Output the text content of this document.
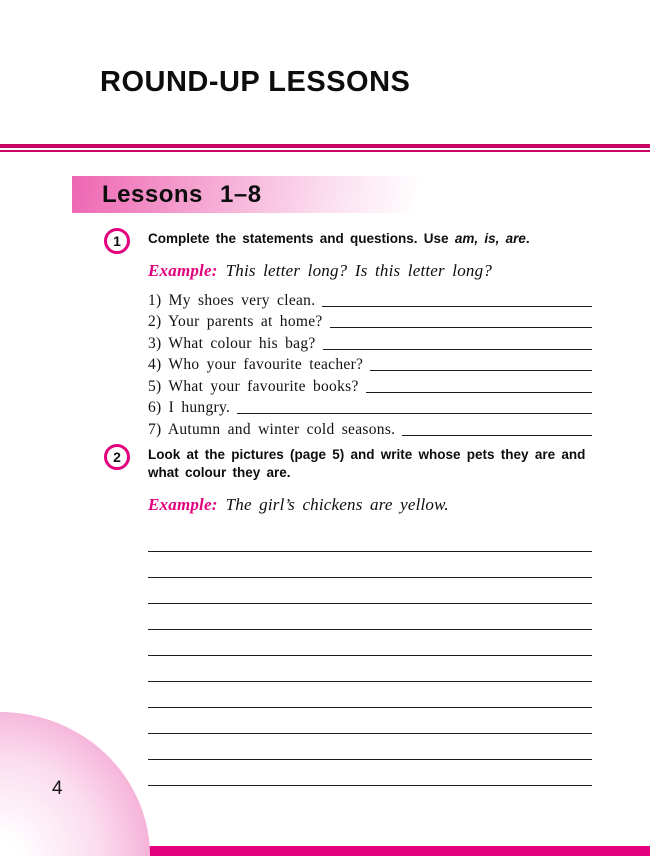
ROUND-UP LESSONS
Lessons 1–8
1	Complete the statements and questions. Use am, is, are.

Example: This letter long? Is this letter long?

1) My shoes very clean.
2) Your parents at home?
3) What colour his bag?
4) Who your favourite teacher?
5) What your favourite books?
6) I hungry.
7) Autumn and winter cold seasons.
2	Look at the pictures (page 5) and write whose pets they are and what colour they are.

Example: The girl’s chickens are yellow.

4
